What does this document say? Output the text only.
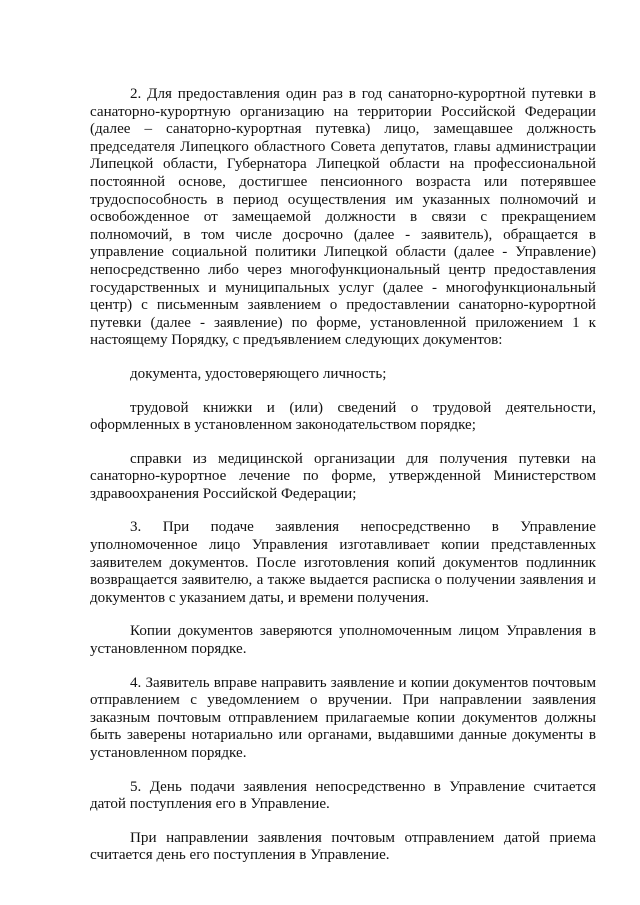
2. Для предоставления один раз в год санаторно-курортной путевки в санаторно-курортную организацию на территории Российской Федерации (далее – санаторно-курортная путевка) лицо, замещавшее должность председателя Липецкого областного Совета депутатов, главы администрации Липецкой области, Губернатора Липецкой области на профессиональной постоянной основе, достигшее пенсионного возраста или потерявшее трудоспособность в период осуществления им указанных полномочий и освобожденное от замещаемой должности в связи с прекращением полномочий, в том числе досрочно (далее - заявитель), обращается в управление социальной политики Липецкой области (далее - Управление) непосредственно либо через многофункциональный центр предоставления государственных и муниципальных услуг (далее - многофункциональный центр) с письменным заявлением о предоставлении санаторно-курортной путевки (далее - заявление) по форме, установленной приложением 1 к настоящему Порядку, с предъявлением следующих документов:

документа, удостоверяющего личность;

трудовой книжки и (или) сведений о трудовой деятельности, оформленных в установленном законодательством порядке;

справки из медицинской организации для получения путевки на санаторно-курортное лечение по форме, утвержденной Министерством здравоохранения Российской Федерации;

3. При подаче заявления непосредственно в Управление уполномоченное лицо Управления изготавливает копии представленных заявителем документов. После изготовления копий документов подлинник возвращается заявителю, а также выдается расписка о получении заявления и документов с указанием даты, и времени получения.

Копии документов заверяются уполномоченным лицом Управления в установленном порядке.

4. Заявитель вправе направить заявление и копии документов почтовым отправлением с уведомлением о вручении. При направлении заявления заказным почтовым отправлением прилагаемые копии документов должны быть заверены нотариально или органами, выдавшими данные документы в установленном порядке.

5. День подачи заявления непосредственно в Управление считается датой поступления его в Управление.

При направлении заявления почтовым отправлением датой приема считается день его поступления в Управление.
